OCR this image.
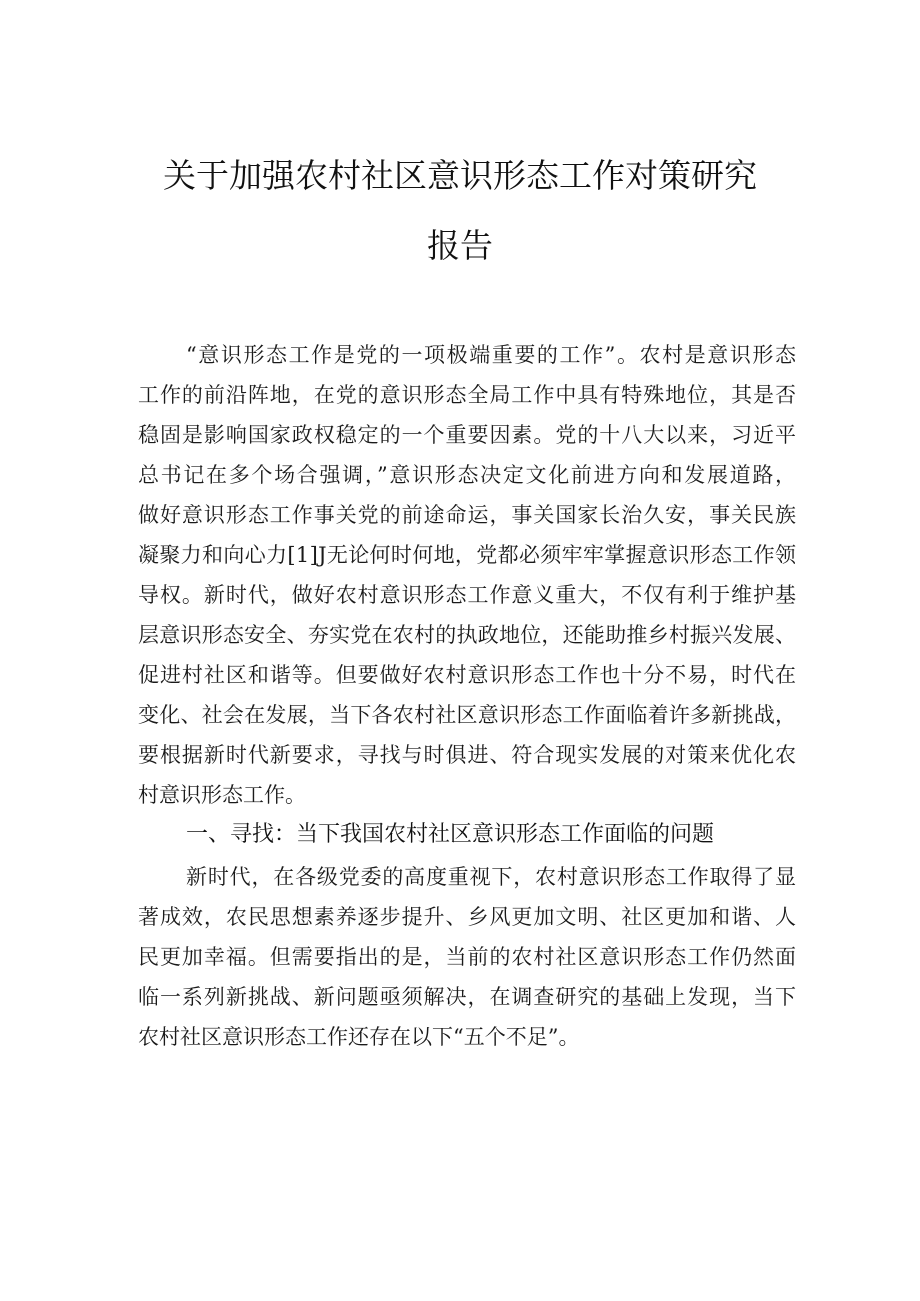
关于加强农村社区意识形态工作对策研究
报告
“意识形态工作是党的一项极端重要的工作”。农村是意识形态
工作的前沿阵地，在党的意识形态全局工作中具有特殊地位，其是否
稳固是影响国家政权稳定的一个重要因素。党的十八大以来，习近平
总书记在多个场合强调，”意识形态决定文化前进方向和发展道路，
做好意识形态工作事关党的前途命运，事关国家长治久安，事关民族
凝聚力和向心力[1]J无论何时何地，党都必须牢牢掌握意识形态工作领
导权。新时代，做好农村意识形态工作意义重大，不仅有利于维护基
层意识形态安全、夯实党在农村的执政地位，还能助推乡村振兴发展、
促进村社区和谐等。但要做好农村意识形态工作也十分不易，时代在
变化、社会在发展，当下各农村社区意识形态工作面临着许多新挑战，
要根据新时代新要求，寻找与时俱进、符合现实发展的对策来优化农
村意识形态工作。
一、寻找：当下我国农村社区意识形态工作面临的问题
新时代，在各级党委的高度重视下，农村意识形态工作取得了显
著成效，农民思想素养逐步提升、乡风更加文明、社区更加和谐、人
民更加幸福。但需要指出的是，当前的农村社区意识形态工作仍然面
临一系列新挑战、新问题亟须解决，在调查研究的基础上发现，当下
农村社区意识形态工作还存在以下“五个不足”。
